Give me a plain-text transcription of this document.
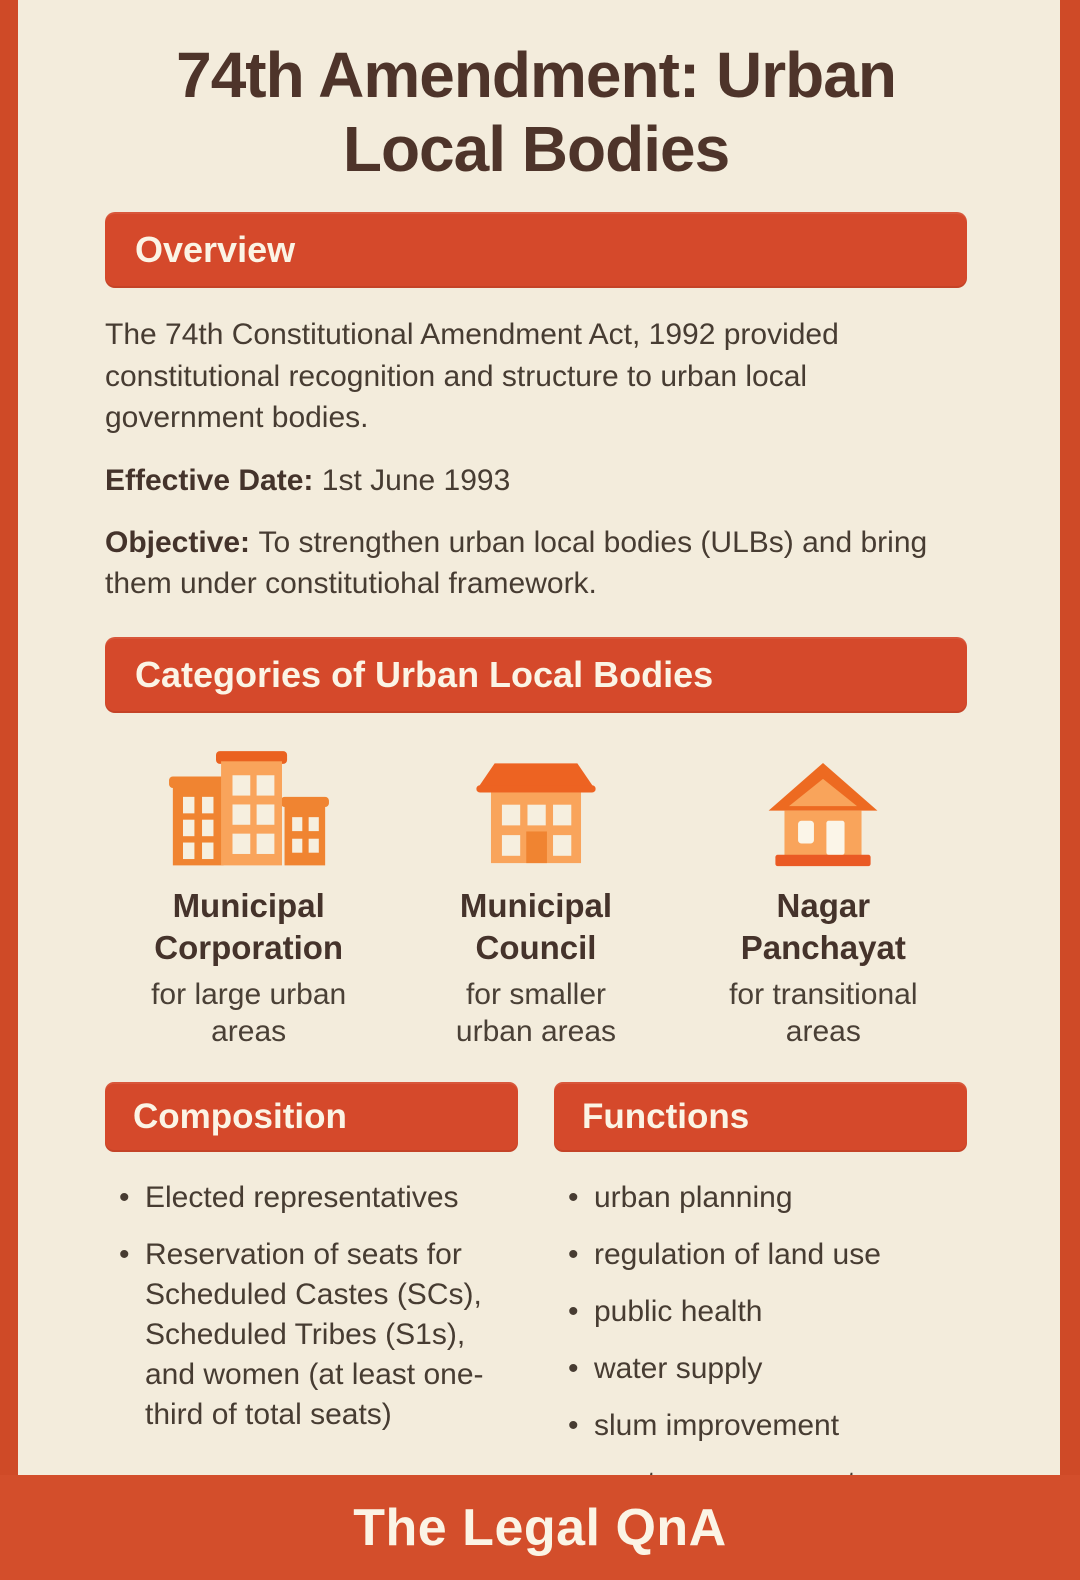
74th Amendment: Urban Local Bodies
Overview

The 74th Constitutional Amendment Act, 1992 provided constitutional recognition and structure to urban local government bodies.

Effective Date: 1st June 1993

Objective: To strengthen urban local bodies (ULBs) and bring them under constitutiohal framework.

Categories of Urban Local Bodies
Municipal Corporation
for large urban areas
Municipal Council
for smaller urban areas
Nagar Panchayat
for transitional areas
Composition
• Elected representatives
• Reservation of seats for Scheduled Castes (SCs), Scheduled Tribes (S1s), and women (at least one-third of total seats)
Functions
• urban planning
• regulation of land use
• public health
• water supply
• slum improvement
•
The Legal QnA
